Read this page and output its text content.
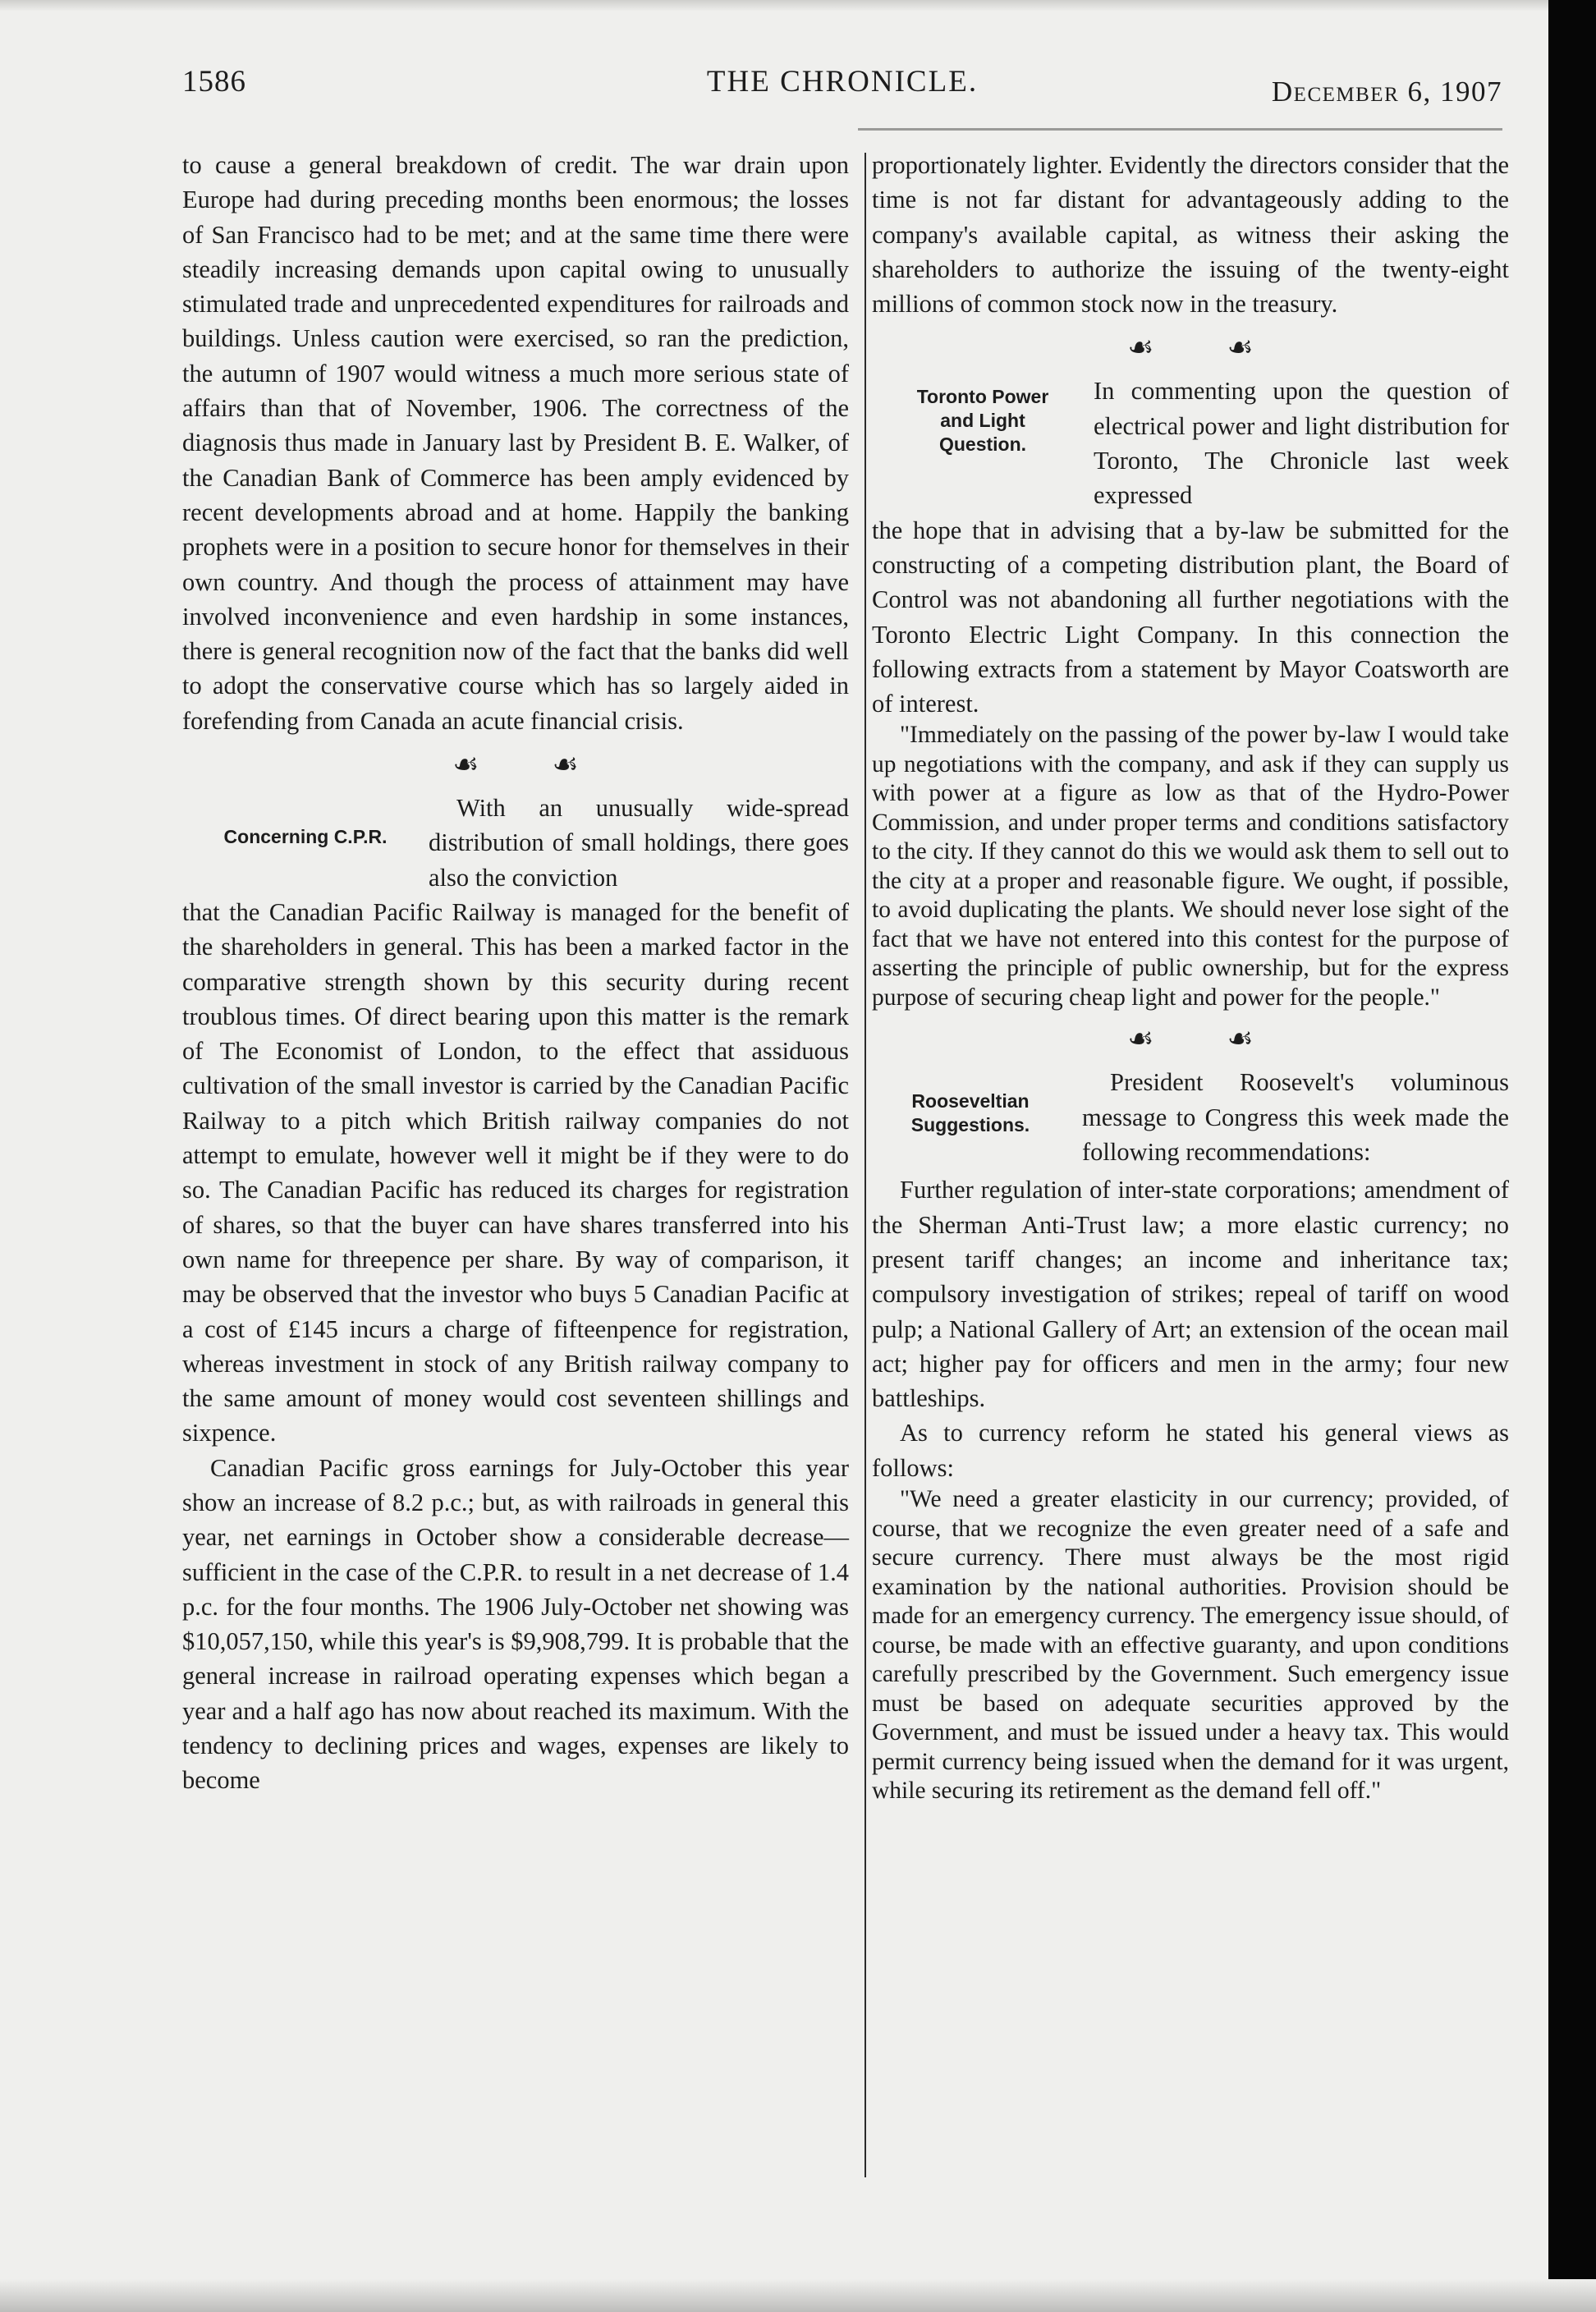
1586	THE CHRONICLE.	December 6, 1907

to cause a general breakdown of credit. The war drain upon Europe had during preceding months been enormous; the losses of San Francisco had to be met; and at the same time there were steadily increasing demands upon capital owing to unusually stimulated trade and unprecedented expenditures for railroads and buildings. Unless caution were exercised, so ran the prediction, the autumn of 1907 would witness a much more serious state of affairs than that of November, 1906. The correctness of the diagnosis thus made in January last by President B. E. Walker, of the Canadian Bank of Commerce has been amply evidenced by recent developments abroad and at home. Happily the banking prophets were in a position to secure honor for themselves in their own country. And though the process of attainment may have involved inconvenience and even hardship in some instances, there is general recognition now of the fact that the banks did well to adopt the conservative course which has so largely aided in forefending from Canada an acute financial crisis.

☙ ☙
Concerning C.P.R.

With an unusually wide-spread distribution of small holdings, there goes also the conviction

that the Canadian Pacific Railway is managed for the benefit of the shareholders in general. This has been a marked factor in the comparative strength shown by this security during recent troublous times. Of direct bearing upon this matter is the remark of The Economist of London, to the effect that assiduous cultivation of the small investor is carried by the Canadian Pacific Railway to a pitch which British railway companies do not attempt to emulate, however well it might be if they were to do so. The Canadian Pacific has reduced its charges for registration of shares, so that the buyer can have shares transferred into his own name for threepence per share. By way of comparison, it may be observed that the investor who buys 5 Canadian Pacific at a cost of £145 incurs a charge of fifteenpence for registration, whereas investment in stock of any British railway company to the same amount of money would cost seventeen shillings and sixpence.

Canadian Pacific gross earnings for July-October this year show an increase of 8.2 p.c.; but, as with railroads in general this year, net earnings in October show a considerable decrease—sufficient in the case of the C.P.R. to result in a net decrease of 1.4 p.c. for the four months. The 1906 July-October net showing was $10,057,150, while this year's is $9,908,799. It is probable that the general increase in railroad operating expenses which began a year and a half ago has now about reached its maximum. With the tendency to declining prices and wages, expenses are likely to become

proportionately lighter. Evidently the directors consider that the time is not far distant for advantageously adding to the company's available capital, as witness their asking the shareholders to authorize the issuing of the twenty-eight millions of common stock now in the treasury.

☙ ☙
Toronto Power
and Light
Question.

In commenting upon the question of electrical power and light distribution for Toronto, The Chronicle last week expressed

the hope that in advising that a by-law be submitted for the constructing of a competing distribution plant, the Board of Control was not abandoning all further negotiations with the Toronto Electric Light Company. In this connection the following extracts from a statement by Mayor Coatsworth are of interest.

"Immediately on the passing of the power by-law I would take up negotiations with the company, and ask if they can supply us with power at a figure as low as that of the Hydro-Power Commission, and under proper terms and conditions satisfactory to the city. If they cannot do this we would ask them to sell out to the city at a proper and reasonable figure. We ought, if possible, to avoid duplicating the plants. We should never lose sight of the fact that we have not entered into this contest for the purpose of asserting the principle of public ownership, but for the express purpose of securing cheap light and power for the people."

☙ ☙
Rooseveltian
Suggestions.

President Roosevelt's voluminous message to Congress this week made the following recommendations:

Further regulation of inter-state corporations; amendment of the Sherman Anti-Trust law; a more elastic currency; no present tariff changes; an income and inheritance tax; compulsory investigation of strikes; repeal of tariff on wood pulp; a National Gallery of Art; an extension of the ocean mail act; higher pay for officers and men in the army; four new battleships.

As to currency reform he stated his general views as follows:

"We need a greater elasticity in our currency; provided, of course, that we recognize the even greater need of a safe and secure currency. There must always be the most rigid examination by the national authorities. Provision should be made for an emergency currency. The emergency issue should, of course, be made with an effective guaranty, and upon conditions carefully prescribed by the Government. Such emergency issue must be based on adequate securities approved by the Government, and must be issued under a heavy tax. This would permit currency being issued when the demand for it was urgent, while securing its retirement as the demand fell off."
